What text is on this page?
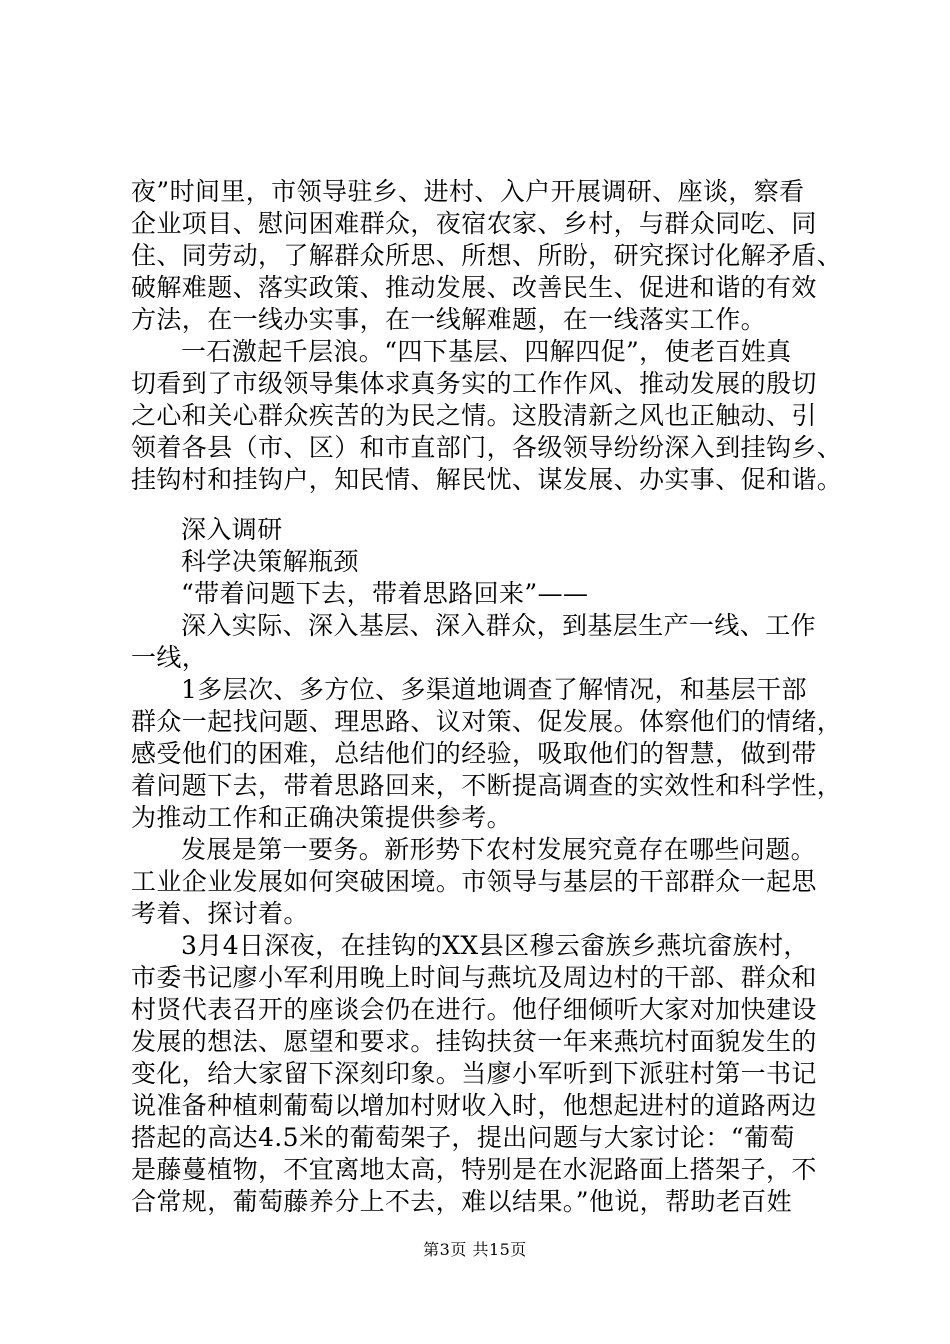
夜”时间里，市领导驻乡、进村、入户开展调研、座谈，察看
企业项目、慰问困难群众，夜宿农家、乡村，与群众同吃、同
住、同劳动，了解群众所思、所想、所盼，研究探讨化解矛盾、
破解难题、落实政策、推动发展、改善民生、促进和谐的有效
方法，在一线办实事，在一线解难题，在一线落实工作。
一石激起千层浪。“四下基层、四解四促”，使老百姓真
切看到了市级领导集体求真务实的工作作风、推动发展的殷切
之心和关心群众疾苦的为民之情。这股清新之风也正触动、引
领着各县（市、区）和市直部门，各级领导纷纷深入到挂钩乡、
挂钩村和挂钩户，知民情、解民忧、谋发展、办实事、促和谐。
深入调研
科学决策解瓶颈
“带着问题下去，带着思路回来”——
深入实际、深入基层、深入群众，到基层生产一线、工作
一线，
1多层次、多方位、多渠道地调查了解情况，和基层干部
群众一起找问题、理思路、议对策、促发展。体察他们的情绪，
感受他们的困难，总结他们的经验，吸取他们的智慧，做到带
着问题下去，带着思路回来，不断提高调查的实效性和科学性，
为推动工作和正确决策提供参考。
发展是第一要务。新形势下农村发展究竟存在哪些问题。
工业企业发展如何突破困境。市领导与基层的干部群众一起思
考着、探讨着。
3月4日深夜，在挂钩的XX县区穆云畲族乡燕坑畲族村，
市委书记廖小军利用晚上时间与燕坑及周边村的干部、群众和
村贤代表召开的座谈会仍在进行。他仔细倾听大家对加快建设
发展的想法、愿望和要求。挂钩扶贫一年来燕坑村面貌发生的
变化，给大家留下深刻印象。当廖小军听到下派驻村第一书记
说准备种植刺葡萄以增加村财收入时，他想起进村的道路两边
搭起的高达4.5米的葡萄架子，提出问题与大家讨论：“葡萄
是藤蔓植物，不宜离地太高，特别是在水泥路面上搭架子，不
合常规，葡萄藤养分上不去，难以结果。”他说，帮助老百姓
第3页 共15页
